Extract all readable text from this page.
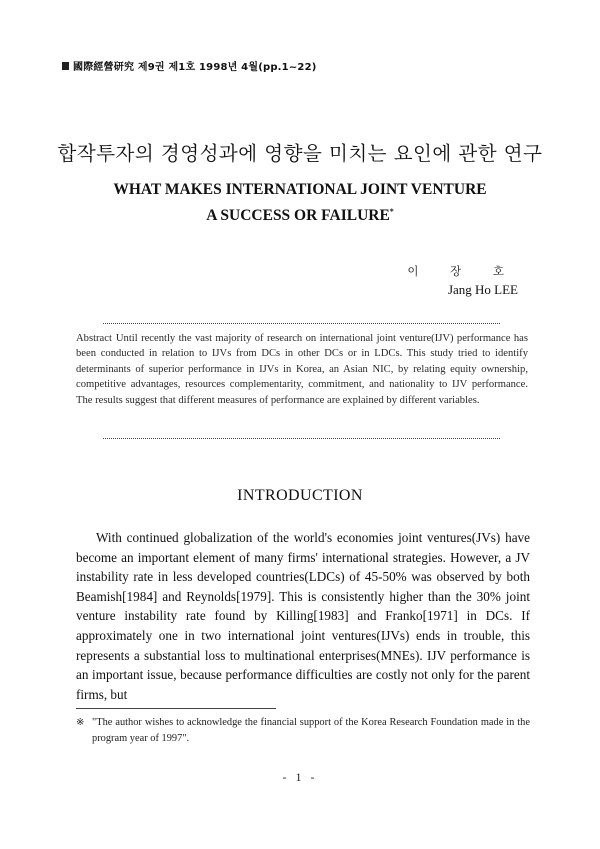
國際經營研究 제9권 제1호 1998년 4월(pp.1~22)
합작투자의 경영성과에 영향을 미치는 요인에 관한 연구
WHAT MAKES INTERNATIONAL JOINT VENTURE
A SUCCESS OR FAILURE*
이 장 호
Jang Ho LEE
Abstract Until recently the vast majority of research on international joint venture(IJV) performance has been conducted in relation to IJVs from DCs in other DCs or in LDCs. This study tried to identify determinants of superior performance in IJVs in Korea, an Asian NIC, by relating equity ownership, competitive advantages, resources complementarity, commitment, and nationality to IJV performance. The results suggest that different measures of performance are explained by different variables.
INTRODUCTION

With continued globalization of the world's economies joint ventures(JVs) have become an important element of many firms' international strategies. However, a JV instability rate in less developed countries(LDCs) of 45-50% was observed by both Beamish[1984] and Reynolds[1979]. This is consistently higher than the 30% joint venture instability rate found by Killing[1983] and Franko[1971] in DCs. If approximately one in two international joint ventures(IJVs) ends in trouble, this represents a substantial loss to multinational enterprises(MNEs). IJV performance is an important issue, because performance difficulties are costly not only for the parent firms, but

※ "The author wishes to acknowledge the financial support of the Korea Research Foundation made in the program year of 1997".
- 1 -
